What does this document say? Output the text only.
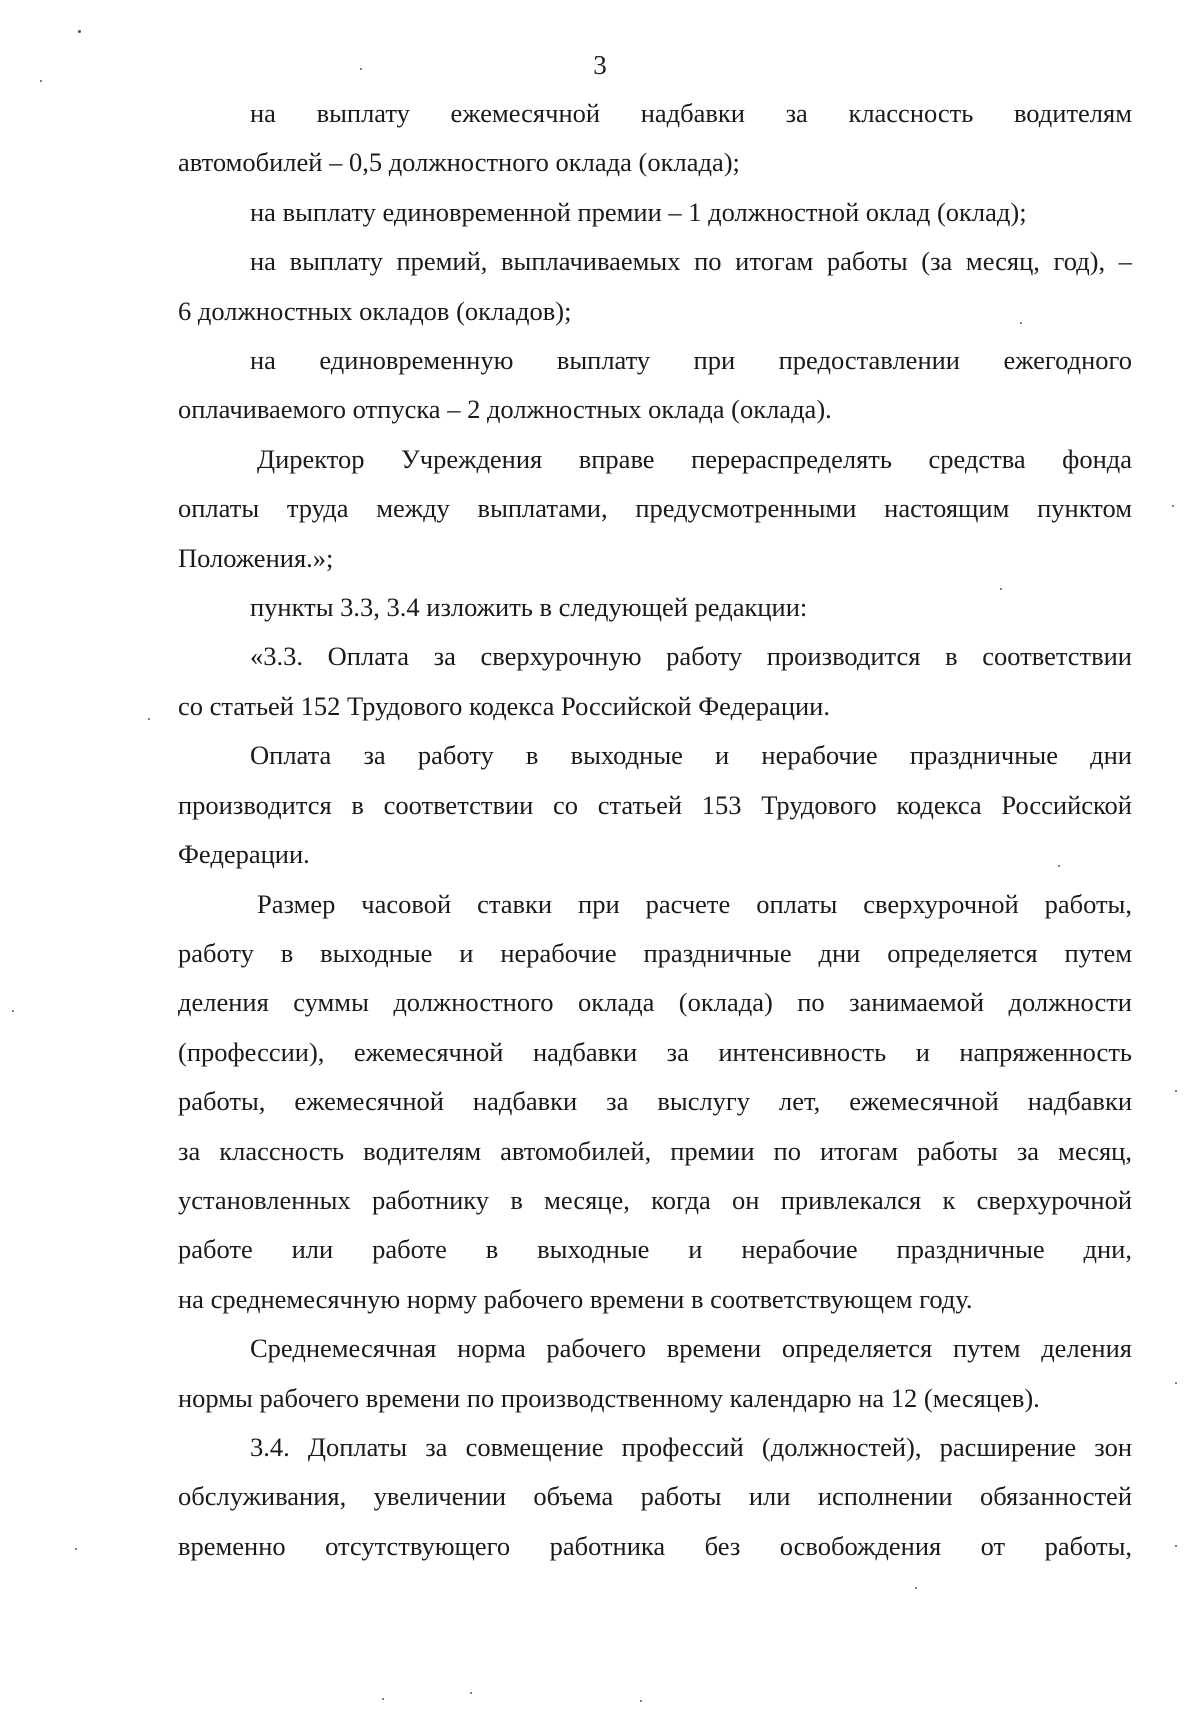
3

на выплату ежемесячной надбавки за классность водителям
автомобилей – 0,5 должностного оклада (оклада);

на выплату единовременной премии – 1 должностной оклад (оклад);

на выплату премий, выплачиваемых по итогам работы (за месяц, год), –
6 должностных окладов (окладов);

на единовременную выплату при предоставлении ежегодного
оплачиваемого отпуска – 2 должностных оклада (оклада).

Директор Учреждения вправе перераспределять средства фонда
оплаты труда между выплатами, предусмотренными настоящим пунктом
Положения.»;

пункты 3.3, 3.4 изложить в следующей редакции:

«3.3. Оплата за сверхурочную работу производится в соответствии
со статьей 152 Трудового кодекса Российской Федерации.

Оплата за работу в выходные и нерабочие праздничные дни
производится в соответствии со статьей 153 Трудового кодекса Российской
Федерации.

Размер часовой ставки при расчете оплаты сверхурочной работы,
работу в выходные и нерабочие праздничные дни определяется путем
деления суммы должностного оклада (оклада) по занимаемой должности
(профессии), ежемесячной надбавки за интенсивность и напряженность
работы, ежемесячной надбавки за выслугу лет, ежемесячной надбавки
за классность водителям автомобилей, премии по итогам работы за месяц,
установленных работнику в месяце, когда он привлекался к сверхурочной
работе или работе в выходные и нерабочие праздничные дни,
на среднемесячную норму рабочего времени в соответствующем году.

Среднемесячная норма рабочего времени определяется путем деления
нормы рабочего времени по производственному календарю на 12 (месяцев).

3.4. Доплаты за совмещение профессий (должностей), расширение зон
обслуживания, увеличении объема работы или исполнении обязанностей
временно отсутствующего работника без освобождения от работы,
